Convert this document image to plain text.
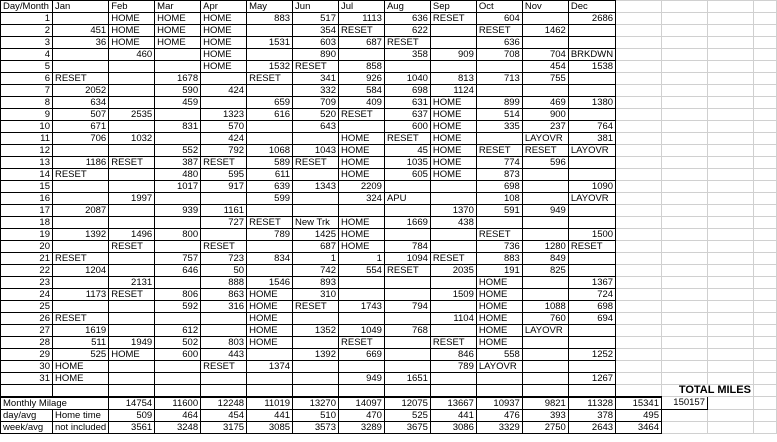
Day/Month	Jan	Feb	Mar	Apr	May	Jun	Jul	Aug	Sep	Oct	Nov	Dec				
1		HOME	HOME	HOME	883	517	1113	636	RESET	604		2686				
2	451	HOME	HOME	HOME		354	RESET	622		RESET	1462					
3	36	HOME	HOME	HOME	1531	603	687	RESET		636						
4		460		HOME		890		358	909	708	704	BRKDWN				
5				HOME	1532	RESET	858				454	1538				
6	RESET		1678		RESET	341	926	1040	813	713	755					
7	2052		590	424		332	584	698	1124							
8	634		459		659	709	409	631	HOME	899	469	1380				
9	507	2535		1323	616	520	RESET	637	HOME	514	900					
10	671		831	570		643		600	HOME	335	237	764				
11	706	1032		424			HOME	RESET	HOME		LAYOVR	381				
12			552	792	1068	1043	HOME	45	HOME	RESET	RESET	LAYOVR				
13	1186	RESET	387	RESET	589	RESET	HOME	1035	HOME	774	596					
14	RESET		480	595	611		HOME	605	HOME	873						
15			1017	917	639	1343	2209			698		1090				
16		1997			599		324	APU		108		LAYOVR				
17	2087		939	1161					1370	591	949					
18				727	RESET	New Trk	HOME	1669	438							
19	1392	1496	800		789	1425	HOME			RESET		1500				
20		RESET		RESET		687	HOME	784		736	1280	RESET				
21	RESET		757	723	834	1	1	1094	RESET	883	849					
22	1204		646	50		742	554	RESET	2035	191	825					
23		2131		888	1546	893				HOME		1367				
24	1173	RESET	806	863	HOME	310			1509	HOME		724				
25			592	316	HOME	RESET	1743	794		HOME	1088	698				
26	RESET				HOME				1104	HOME	760	694				
27	1619		612		HOME	1352	1049	768		HOME	LAYOVR					
28	511	1949	502	803	HOME		RESET		RESET	HOME						
29	525	HOME	600	443		1392	669		846	558		1252				
30	HOME			RESET	1374				789	LAYOVR						
31	HOME						949	1651				1267				
														TOTAL MILES		
Monthly Milage		14754	11600	12248	11019	13270	14097	12075	13667	10937	9821	11328	15341	150157		
day/avg	Home time	509	464	454	441	510	470	525	441	476	393	378	495			
week/avg	not included	3561	3248	3175	3085	3573	3289	3675	3086	3329	2750	2643	3464			
